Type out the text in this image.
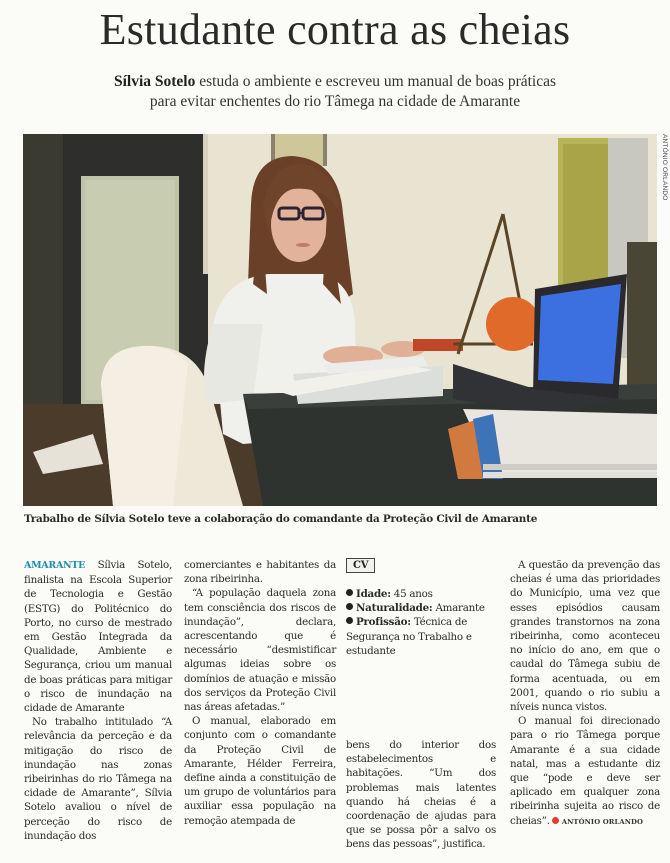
Estudante contra as cheias

Sílvia Sotelo estuda o ambiente e escreveu um manual de boas práticas
para evitar enchentes do rio Tâmega na cidade de Amarante

ANTÓNIO ORLANDO

Trabalho de Sílvia Sotelo teve a colaboração do comandante da Proteção Civil de Amarante

AMARANTE Sílvia Sotelo, finalista na Escola Superior de Tecnologia e Gestão (ESTG) do Politécnico do Porto, no curso de mestrado em Gestão Integrada da Qualidade, Ambiente e Segurança, criou um manual de boas práticas para mitigar o risco de inundação na cidade de Amarante

No trabalho intitulado “A relevância da perceção e da mitigação do risco de inundação nas zonas ribeirinhas do rio Tâmega na cidade de Amarante”, Sílvia Sotelo avaliou o nível de perceção do risco de inundação dos

comerciantes e habitantes da zona ribeirinha.

“A população daquela zona tem consciência dos riscos de inundação”, declara, acrescentando que é necessário “desmistificar algumas ideias sobre os domínios de atuação e missão dos serviços da Proteção Civil nas áreas afetadas.”

O manual, elaborado em conjunto com o comandante da Proteção Civil de Amarante, Hélder Ferreira, define ainda a constituição de um grupo de voluntários para auxiliar essa população na remoção atempada de

CV

Idade: 45 anos

Naturalidade: Amarante

Profissão: Técnica de Segurança no Trabalho e estudante

bens do interior dos estabelecimentos e habitações. “Um dos problemas mais latentes quando há cheias é a coordenação de ajudas para que se possa pôr a salvo os bens das pessoas”, justifica.

A questão da prevenção das cheias é uma das prioridades do Município, uma vez que esses episódios causam grandes transtornos na zona ribeirinha, como aconteceu no início do ano, em que o caudal do Tâmega subiu de forma acentuada, ou em 2001, quando o rio subiu a níveis nunca vistos.

O manual foi direcionado para o rio Tâmega porque Amarante é a sua cidade natal, mas a estudante diz que “pode e deve ser aplicado em qualquer zona ribeirinha sujeita ao risco de cheias”. ANTÓNIO ORLANDO
